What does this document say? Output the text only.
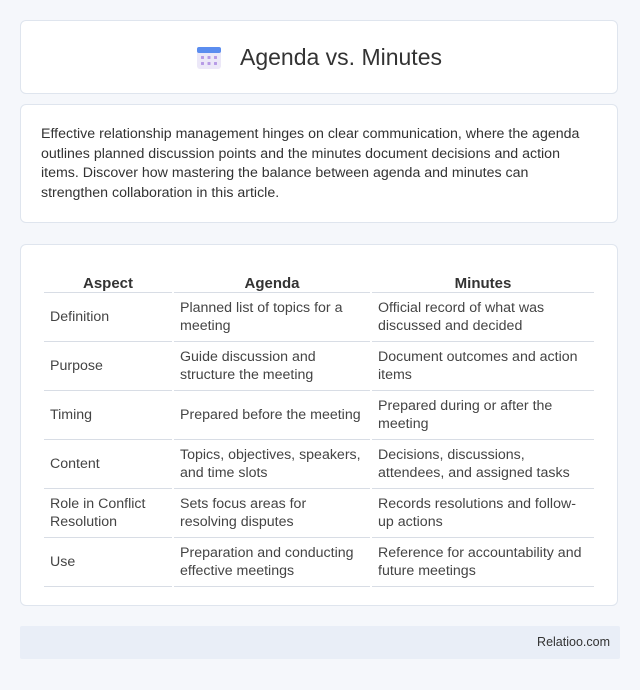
Agenda vs. Minutes

Effective relationship management hinges on clear communication, where the agenda outlines planned discussion points and the minutes document decisions and action items. Discover how mastering the balance between agenda and minutes can strengthen collaboration in this article.

Aspect	Agenda	Minutes
Definition	Planned list of topics for a meeting	Official record of what was discussed and decided
Purpose	Guide discussion and structure the meeting	Document outcomes and action items
Timing	Prepared before the meeting	Prepared during or after the meeting
Content	Topics, objectives, speakers, and time slots	Decisions, discussions, attendees, and assigned tasks
Role in Conflict Resolution	Sets focus areas for resolving disputes	Records resolutions and follow-up actions
Use	Preparation and conducting effective meetings	Reference for accountability and future meetings
Relatioo.com
